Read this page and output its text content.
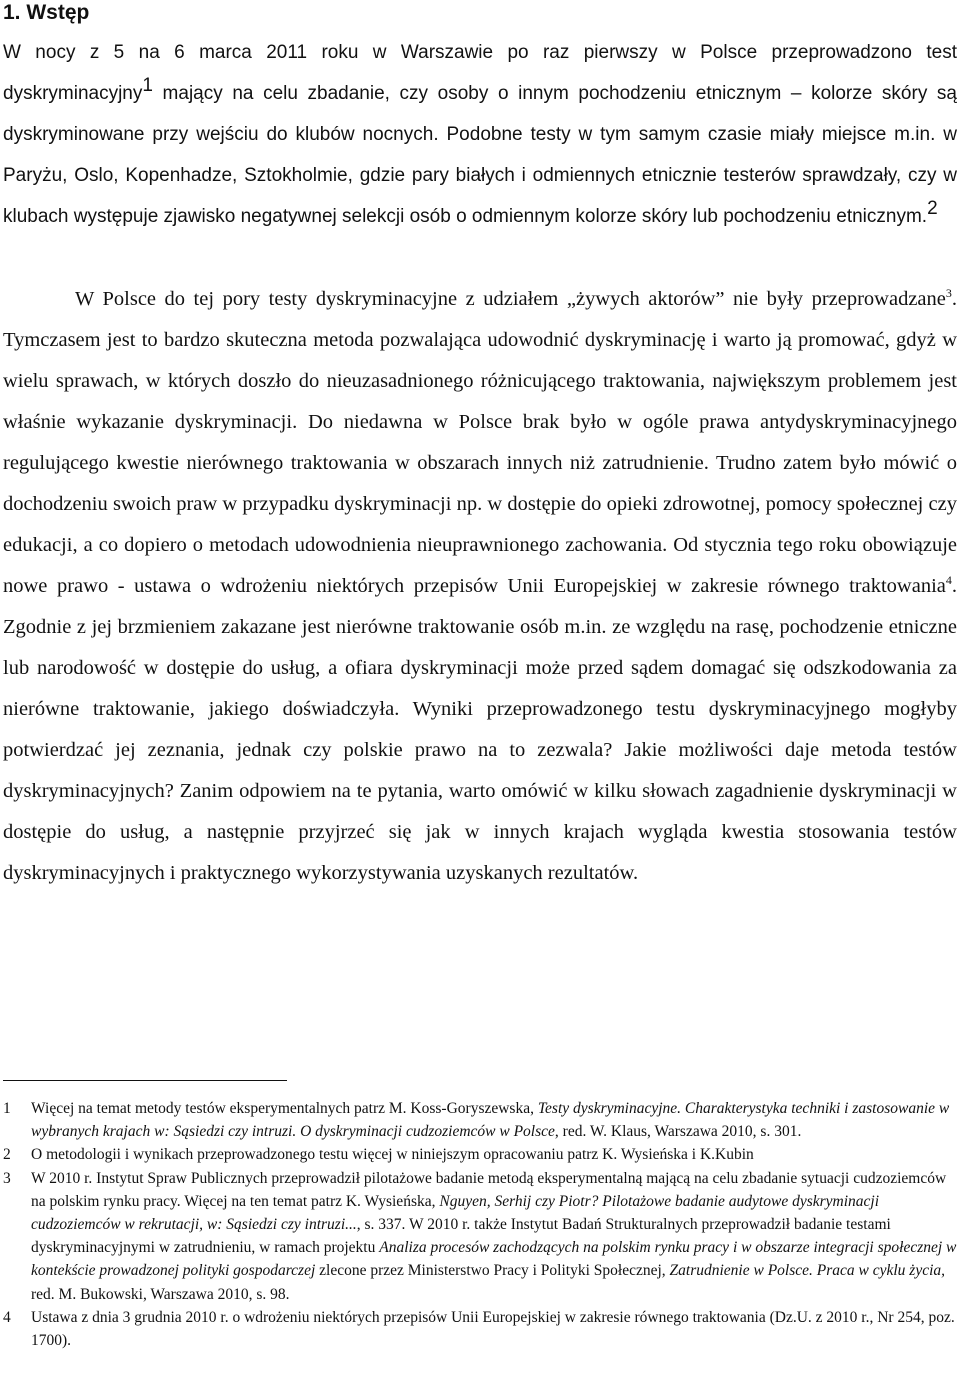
1. Wstęp

W nocy z 5 na 6 marca 2011 roku w Warszawie po raz pierwszy w Polsce przeprowadzono test dyskryminacyjny$^1$ mający na celu zbadanie, czy osoby o innym pochodzeniu etnicznym – kolorze skóry są dyskryminowane przy wejściu do klubów nocnych. Podobne testy w tym samym czasie miały miejsce m.in. w Paryżu, Oslo, Kopenhadze, Sztokholmie, gdzie pary białych i odmiennych etnicznie testerów sprawdzały, czy w klubach występuje zjawisko negatywnej selekcji osób o odmiennym kolorze skóry lub pochodzeniu etnicznym.$^2$

W Polsce do tej pory testy dyskryminacyjne z udziałem „żywych aktorów” nie były przeprowadzane$^3$. Tymczasem jest to bardzo skuteczna metoda pozwalająca udowodnić dyskryminację i warto ją promować, gdyż w wielu sprawach, w których doszło do nieuzasadnionego różnicującego traktowania, największym problemem jest właśnie wykazanie dyskryminacji. Do niedawna w Polsce brak było w ogóle prawa antydyskryminacyjnego regulującego kwestie nierównego traktowania w obszarach innych niż zatrudnienie. Trudno zatem było mówić o dochodzeniu swoich praw w przypadku dyskryminacji np. w dostępie do opieki zdrowotnej, pomocy społecznej czy edukacji, a co dopiero o metodach udowodnienia nieuprawnionego zachowania. Od stycznia tego roku obowiązuje nowe prawo - ustawa o wdrożeniu niektórych przepisów Unii Europejskiej w zakresie równego traktowania$^4$. Zgodnie z jej brzmieniem zakazane jest nierówne traktowanie osób m.in. ze względu na rasę, pochodzenie etniczne lub narodowość w dostępie do usług, a ofiara dyskryminacji może przed sądem domagać się odszkodowania za nierówne traktowanie, jakiego doświadczyła. Wyniki przeprowadzonego testu dyskryminacyjnego mogłyby potwierdzać jej zeznania, jednak czy polskie prawo na to zezwala? Jakie możliwości daje metoda testów dyskryminacyjnych? Zanim odpowiem na te pytania, warto omówić w kilku słowach zagadnienie dyskryminacji w dostępie do usług, a następnie przyjrzeć się jak w innych krajach wygląda kwestia stosowania testów dyskryminacyjnych i praktycznego wykorzystywania uzyskanych rezultatów.

1	Więcej na temat metody testów eksperymentalnych patrz M. Koss-Goryszewska, Testy dyskryminacyjne. Charakterystyka techniki i zastosowanie w wybranych krajach w: Sąsiedzi czy intruzi. O dyskryminacji cudzoziemców w Polsce, red. W. Klaus, Warszawa 2010, s. 301.
2	O metodologii i wynikach przeprowadzonego testu więcej w niniejszym opracowaniu patrz K. Wysieńska i K.Kubin
3	W 2010 r. Instytut Spraw Publicznych przeprowadził pilotażowe badanie metodą eksperymentalną mającą na celu zbadanie sytuacji cudzoziemców na polskim rynku pracy. Więcej na ten temat patrz K. Wysieńska, Nguyen, Serhij czy Piotr? Pilotażowe badanie audytowe dyskryminacji cudzoziemców w rekrutacji, w: Sąsiedzi czy intruzi..., s. 337. W 2010 r. także Instytut Badań Strukturalnych przeprowadził badanie testami dyskryminacyjnymi w zatrudnieniu, w ramach projektu Analiza procesów zachodzących na polskim rynku pracy i w obszarze integracji społecznej w kontekście prowadzonej polityki gospodarczej zlecone przez Ministerstwo Pracy i Polityki Społecznej, Zatrudnienie w Polsce. Praca w cyklu życia, red. M. Bukowski, Warszawa 2010, s. 98.
4	Ustawa z dnia 3 grudnia 2010 r. o wdrożeniu niektórych przepisów Unii Europejskiej w zakresie równego traktowania (Dz.U. z 2010 r., Nr 254, poz. 1700).
